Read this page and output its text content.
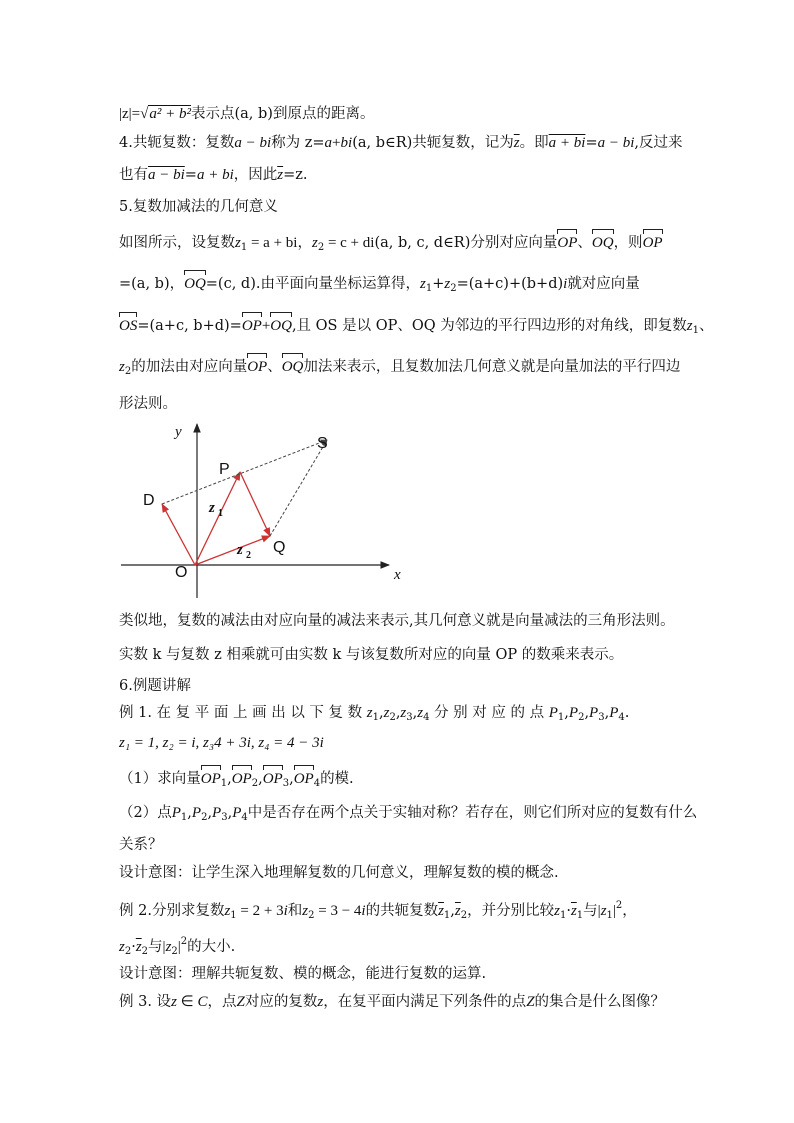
|z|=√a² + b²表示点(a, b)到原点的距离。
4.共轭复数：复数a − bi称为 z=a+bi(a, b∈R)共轭复数，记为$\overline{z}$。即a + bi=a − bi,反过来
也有a − bi=a + bi，因此$\overline{z}=z$.
5.复数加减法的几何意义
如图所示，设复数$z_1 = a$ + bi，$z_2 = c + di(a$, b, c, d∈R)分别对应向量OP、OQ，则OP
=(a, b)，OQ=(c, d).由平面向量坐标运算得，$z_1+z_2=(a+c)+(b+d)i$就对应向量
OS=(a+c, b+d)=OP+OQ,且 OS 是以 OP、OQ 为邻边的平行四边形的对角线，即复数$z_1$、
$z_2$的加法由对应向量OP、OQ加法来表示，且复数加法几何意义就是向量加法的平行四边
形法则。
y
x
S
P
D
Q
O
z 1
z 2
类似地，复数的减法由对应向量的减法来表示,其几何意义就是向量减法的三角形法则。
实数 k 与复数 z 相乘就可由实数 k 与该复数所对应的向量 OP 的数乘来表示。
6.例题讲解
例 1. 在 复 平 面 上 画 出 以 下 复 数 $z_1,z_2,z_3,z_4$ 分 别 对 应 的 点 $P_1,P_2,P_3,P_4$.
z₁ = 1, z₂ = i, z₃4 + 3i, z₄ = 4 − 3i
（1）求向量$OP_1,OP_2,OP_3,OP_4$的模.
（2）点$P_1,P_2,P_3,P_4$中是否存在两个点关于实轴对称？若存在，则它们所对应的复数有什么
关系？
设计意图：让学生深入地理解复数的几何意义，理解复数的模的概念.
例 2.分别求复数$z_1 = 2 + 3i$和$z_2 = 3 - 4i$的共轭复数$\overline{z}_1,\overline{z}_2$，并分别比较$z_1\cdot\overline{z}_1$与$|z_1|^2$，
$z_2\cdot\overline{z}_2$与$|z_2|^2$的大小.
设计意图：理解共轭复数、模的概念，能进行复数的运算.
例 3. 设z ∈ C，点Z对应的复数z，在复平面内满足下列条件的点Z的集合是什么图像？
